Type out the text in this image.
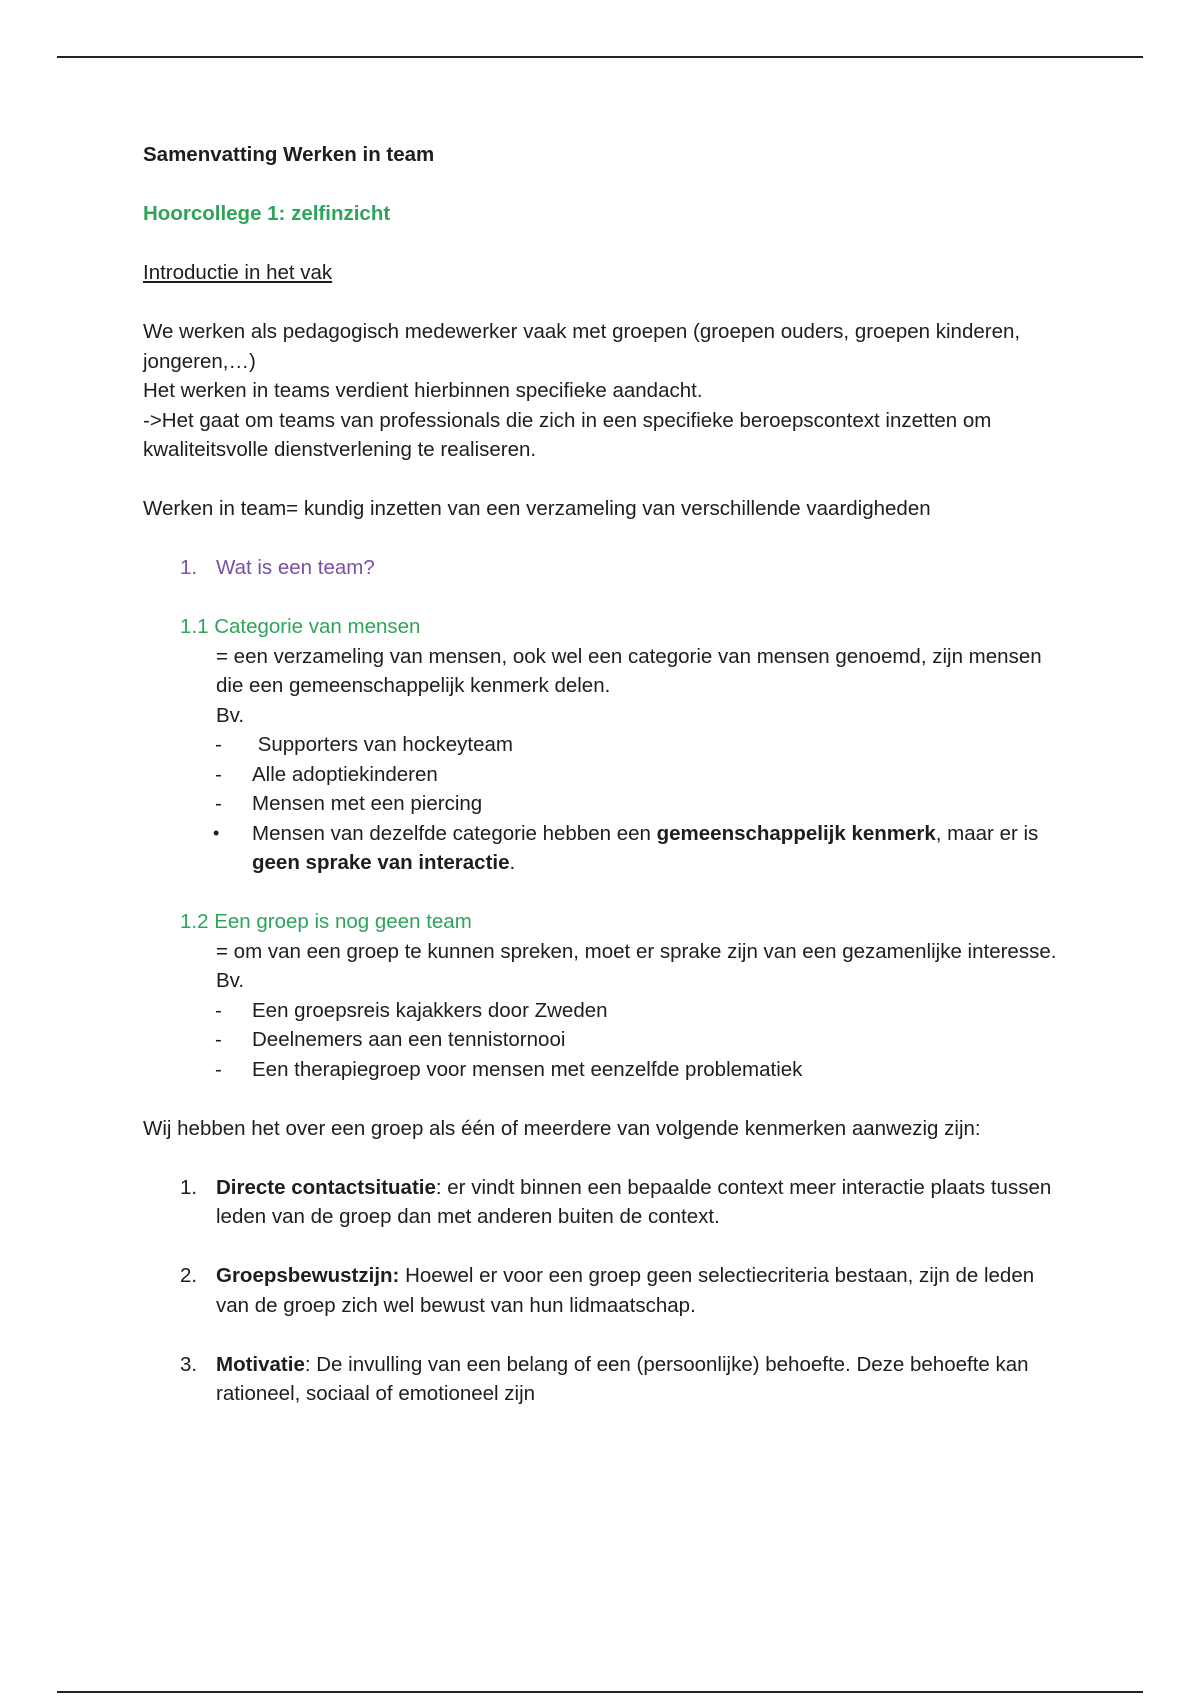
Samenvatting Werken in team

Hoorcollege 1: zelfinzicht

Introductie in het vak

We werken als pedagogisch medewerker vaak met groepen (groepen ouders, groepen kinderen, jongeren,…)

Het werken in teams verdient hierbinnen specifieke aandacht.

->Het gaat om teams van professionals die zich in een specifieke beroepscontext inzetten om kwaliteitsvolle dienstverlening te realiseren.

Werken in team= kundig inzetten van een verzameling van verschillende vaardigheden

1. Wat is een team?

1.1 Categorie van mensen

= een verzameling van mensen, ook wel een categorie van mensen genoemd, zijn mensen die een gemeenschappelijk kenmerk delen.

Bv.

- Supporters van hockeyteam

- Alle adoptiekinderen

- Mensen met een piercing

• Mensen van dezelfde categorie hebben een gemeenschappelijk kenmerk, maar er is geen sprake van interactie.

1.2 Een groep is nog geen team

= om van een groep te kunnen spreken, moet er sprake zijn van een gezamenlijke interesse.

Bv.

- Een groepsreis kajakkers door Zweden

- Deelnemers aan een tennistornooi

- Een therapiegroep voor mensen met eenzelfde problematiek

Wij hebben het over een groep als één of meerdere van volgende kenmerken aanwezig zijn:

1. Directe contactsituatie: er vindt binnen een bepaalde context meer interactie plaats tussen leden van de groep dan met anderen buiten de context.

2. Groepsbewustzijn: Hoewel er voor een groep geen selectiecriteria bestaan, zijn de leden van de groep zich wel bewust van hun lidmaatschap.

3. Motivatie: De invulling van een belang of een (persoonlijke) behoefte. Deze behoefte kan rationeel, sociaal of emotioneel zijn
